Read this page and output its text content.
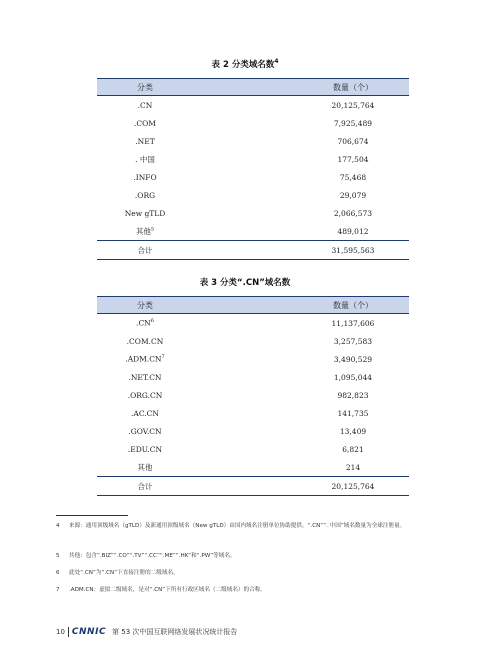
表 2 分类域名数$^4$
分类	数量（个）
.CN	20,125,764
.COM	7,925,489
.NET	706,674
. 中国	177,504
.INFO	75,468
.ORG	29,079
New gTLD	2,066,573
其他$^5$	489,012
合计	31,595,563
表 3 分类“.CN”域名数
分类	数量（个）
$.CN^6$	11,137,606
.COM.CN	3,257,583
$.ADM.CN^7$	3,490,529
.NET.CN	1,095,044
.ORG.CN	982,823
.AC.CN	141,735
.GOV.CN	13,409
.EDU.CN	6,821
其他	214
合计	20,125,764
4 来源：通用顶级域名（gTLD）及新通用顶级域名（New gTLD）由国内域名注册单位协助提供。“.CN”“. 中国”域名数量为全球注册量。
5 其他：包含“.BIZ”“.CO”“.TV”“.CC”“.ME”“.HK”和“.PW”等域名。
6 此处“.CN”为“.CN”下直接注册的二级域名。
7 .ADM.CN：虚拟二级域名，是对“.CN”下所有行政区域名（二级域名）的合称。
10 CNNIC 第 53 次中国互联网络发展状况统计报告
